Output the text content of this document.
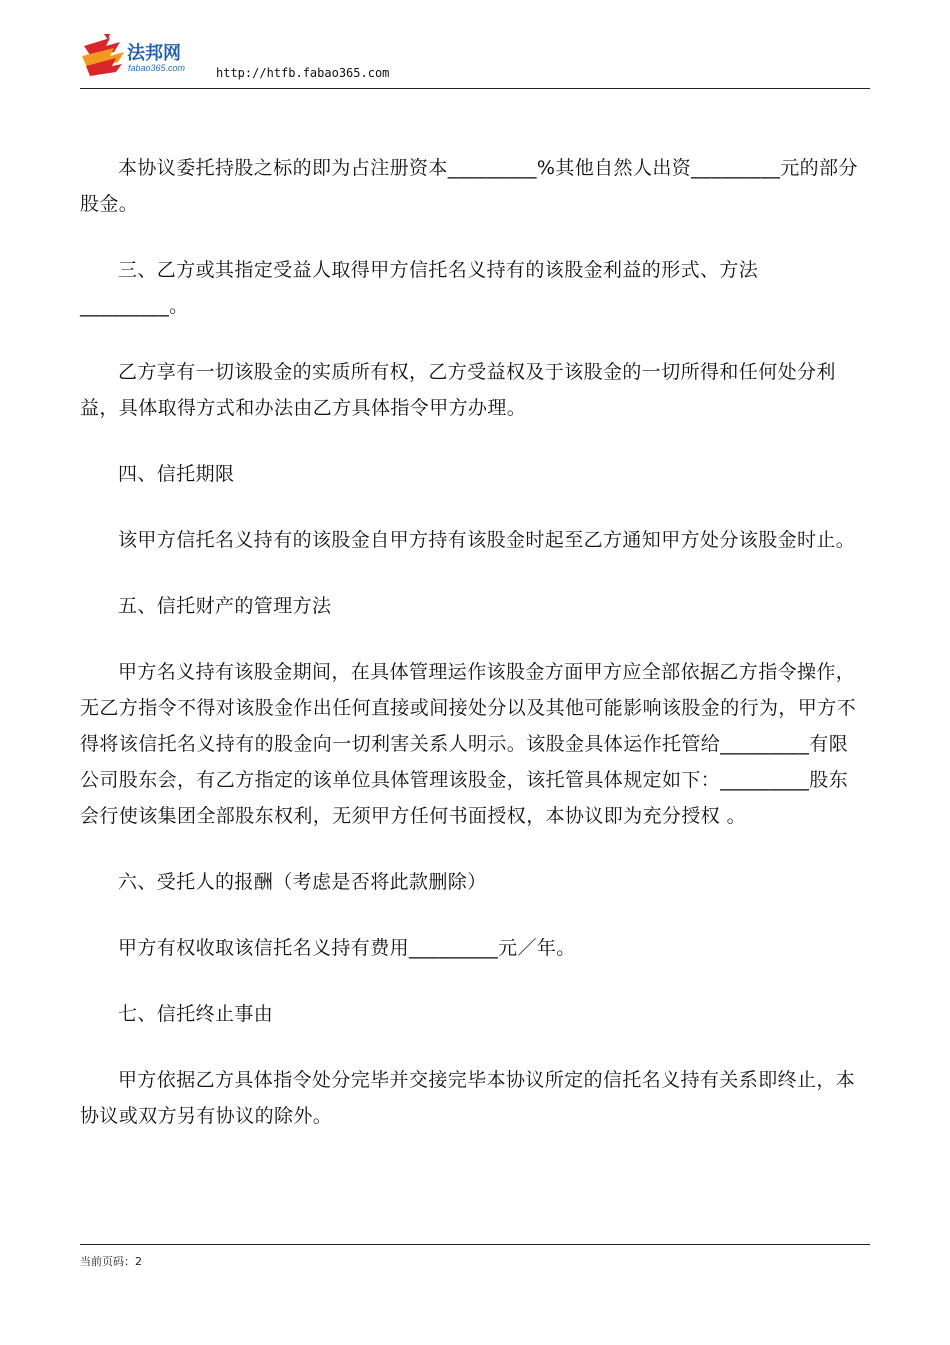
法邦网
fabao365.com	http://htfb.fabao365.com

本协议委托持股之标的即为占注册资本_________%其他自然人出资_________元的部分股金。

三、乙方或其指定受益人取得甲方信托名义持有的该股金利益的形式、方法_________。

乙方享有一切该股金的实质所有权，乙方受益权及于该股金的一切所得和任何处分利益，具体取得方式和办法由乙方具体指令甲方办理。

四、信托期限

该甲方信托名义持有的该股金自甲方持有该股金时起至乙方通知甲方处分该股金时止。

五、信托财产的管理方法

甲方名义持有该股金期间，在具体管理运作该股金方面甲方应全部依据乙方指令操作，无乙方指令不得对该股金作出任何直接或间接处分以及其他可能影响该股金的行为，甲方不得将该信托名义持有的股金向一切利害关系人明示。该股金具体运作托管给_________有限公司股东会，有乙方指定的该单位具体管理该股金，该托管具体规定如下：_________股东会行使该集团全部股东权利，无须甲方任何书面授权，本协议即为充分授权 。

六、受托人的报酬（考虑是否将此款删除）

甲方有权收取该信托名义持有费用_________元／年。

七、信托终止事由

甲方依据乙方具体指令处分完毕并交接完毕本协议所定的信托名义持有关系即终止，本协议或双方另有协议的除外。

当前页码：2
